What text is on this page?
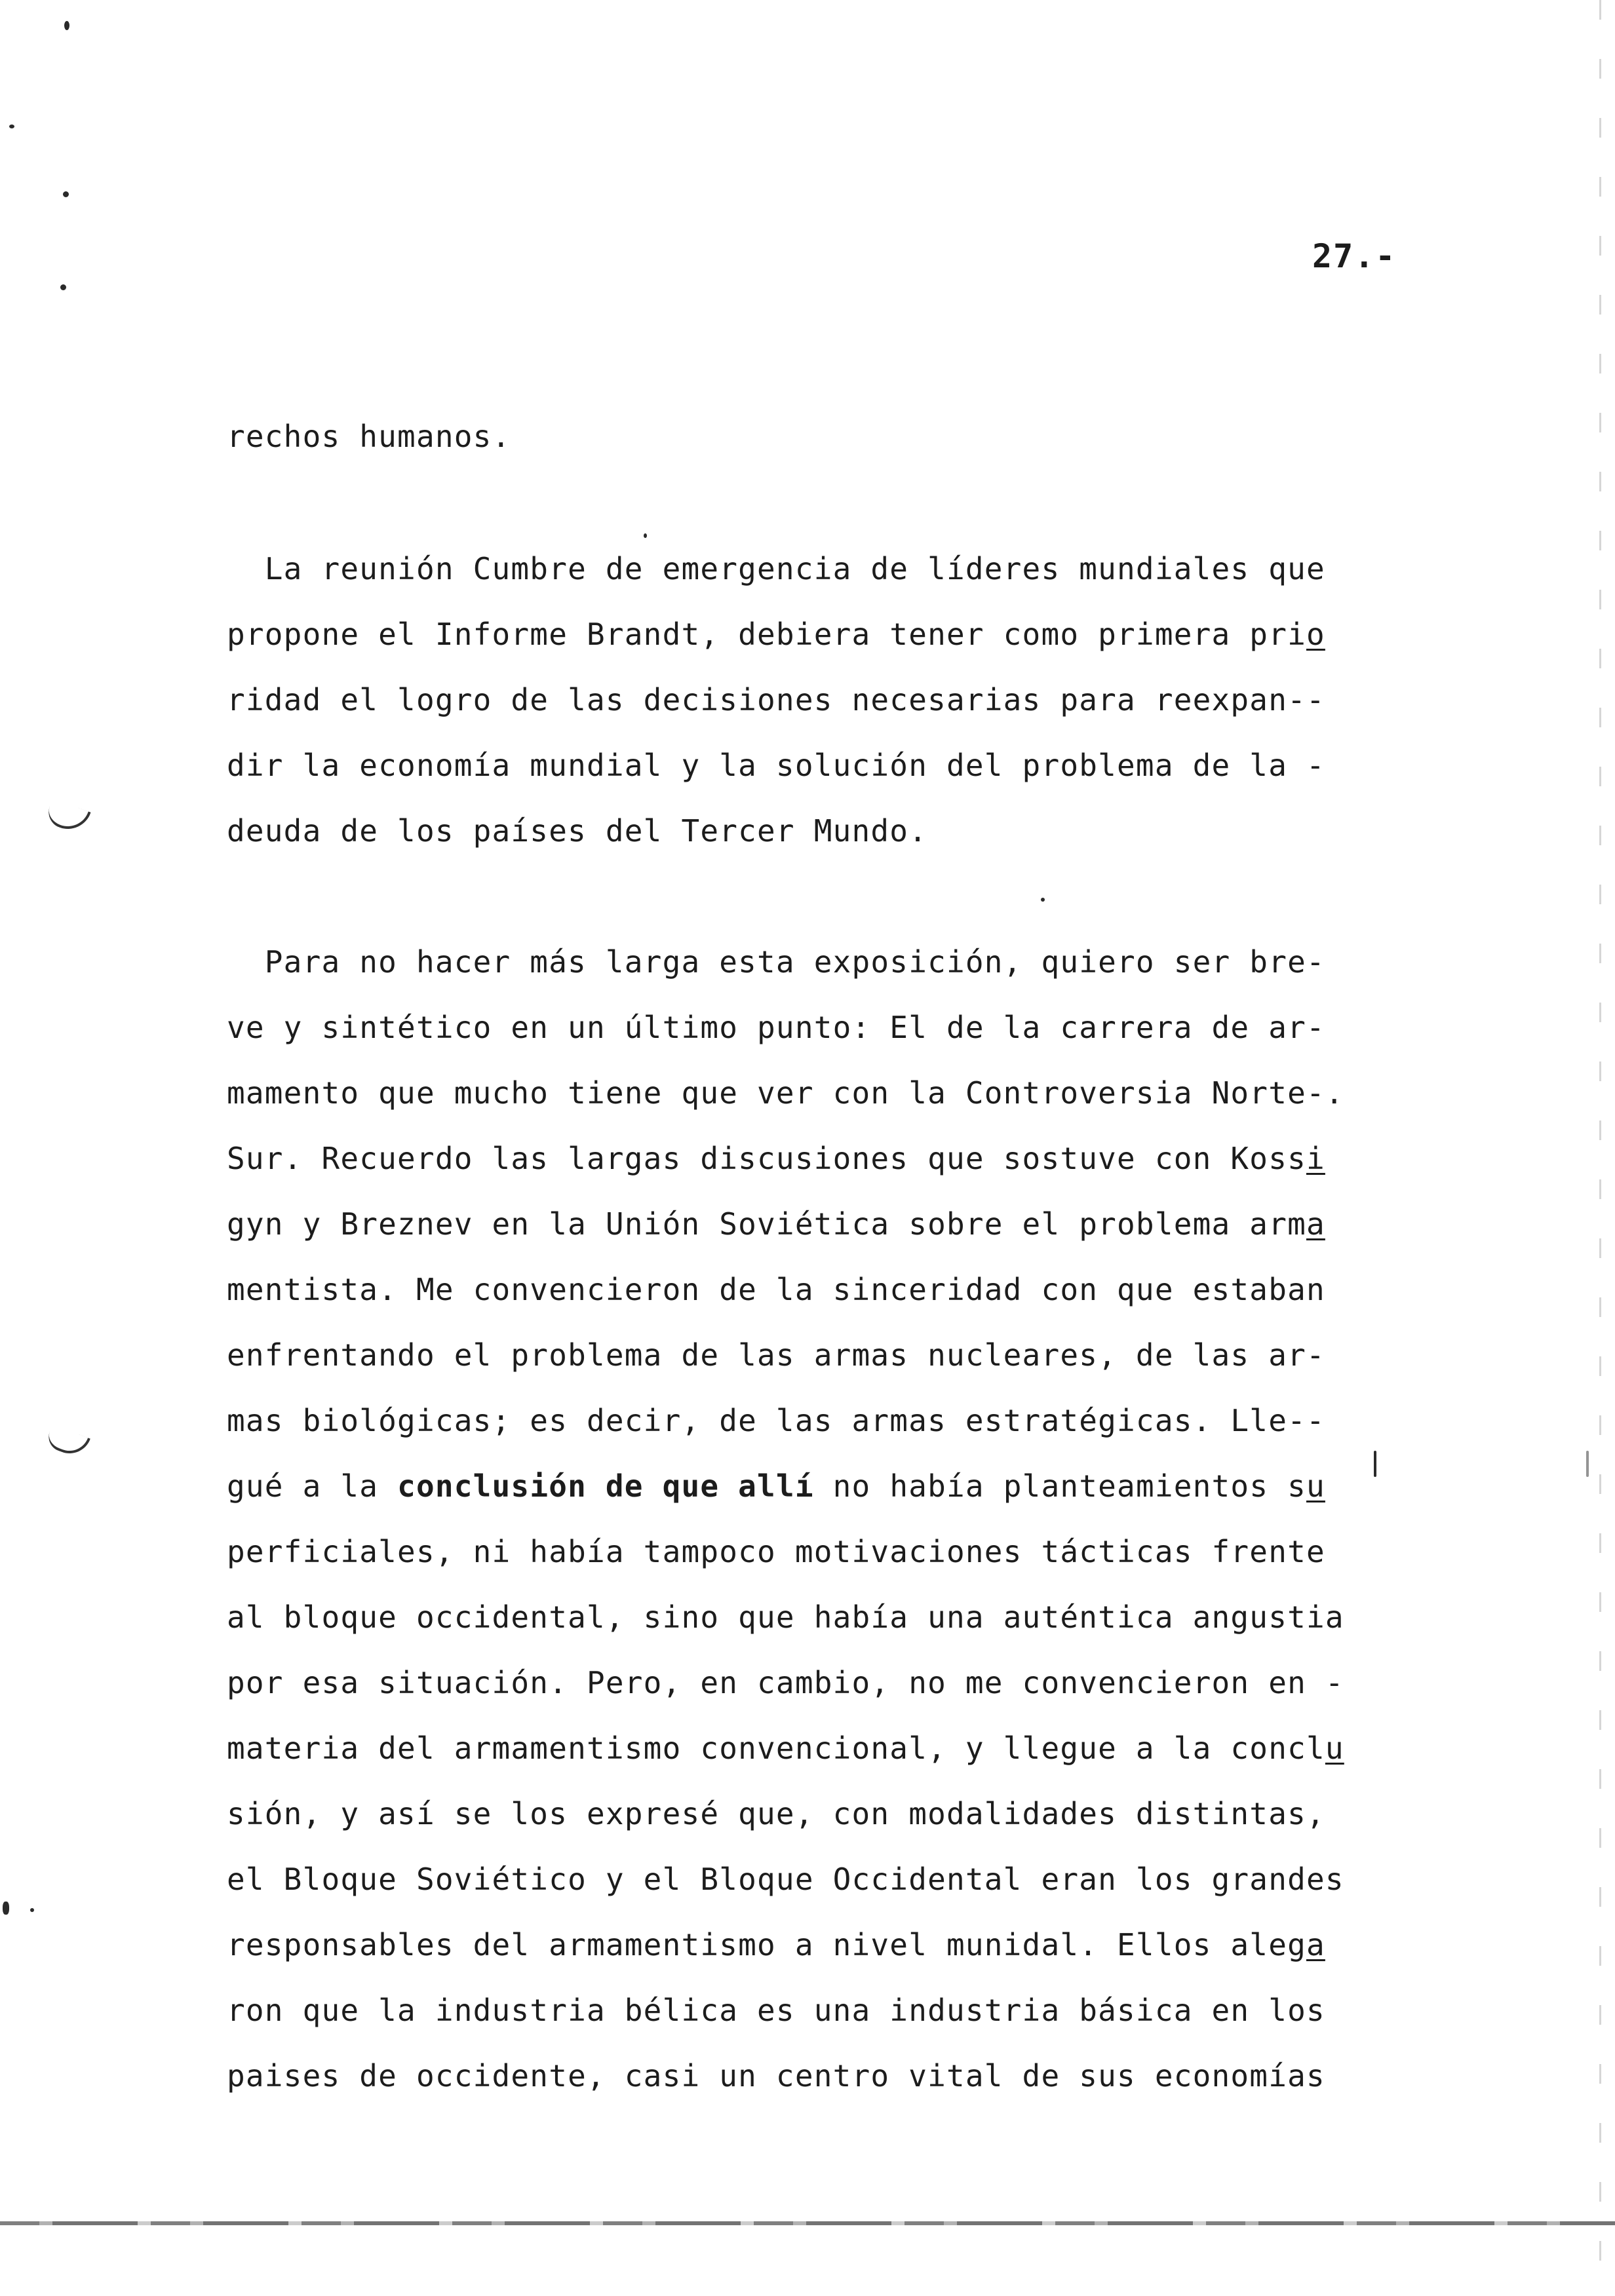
27.-
rechos humanos.
La reunión Cumbre de emergencia de líderes mundiales que
propone el Informe Brandt, debiera tener como primera prio
ridad el logro de las decisiones necesarias para reexpan--
dir la economía mundial y la solución del problema de la -
deuda de los países del Tercer Mundo.
Para no hacer más larga esta exposición, quiero ser bre-
ve y sintético en un último punto: El de la carrera de ar-
mamento que mucho tiene que ver con la Controversia Norte-.
Sur. Recuerdo las largas discusiones que sostuve con Kossi
gyn y Breznev en la Unión Soviética sobre el problema arma
mentista. Me convencieron de la sinceridad con que estaban
enfrentando el problema de las armas nucleares, de las ar-
mas biológicas; es decir, de las armas estratégicas. Lle--
gué a la conclusión de que allí no había planteamientos su
perficiales, ni había tampoco motivaciones tácticas frente
al bloque occidental, sino que había una auténtica angustia
por esa situación. Pero, en cambio, no me convencieron en -
materia del armamentismo convencional, y llegue a la conclu
sión, y así se los expresé que, con modalidades distintas,
el Bloque Soviético y el Bloque Occidental eran los grandes
responsables del armamentismo a nivel munidal. Ellos alega
ron que la industria bélica es una industria básica en los
paises de occidente, casi un centro vital de sus economías
